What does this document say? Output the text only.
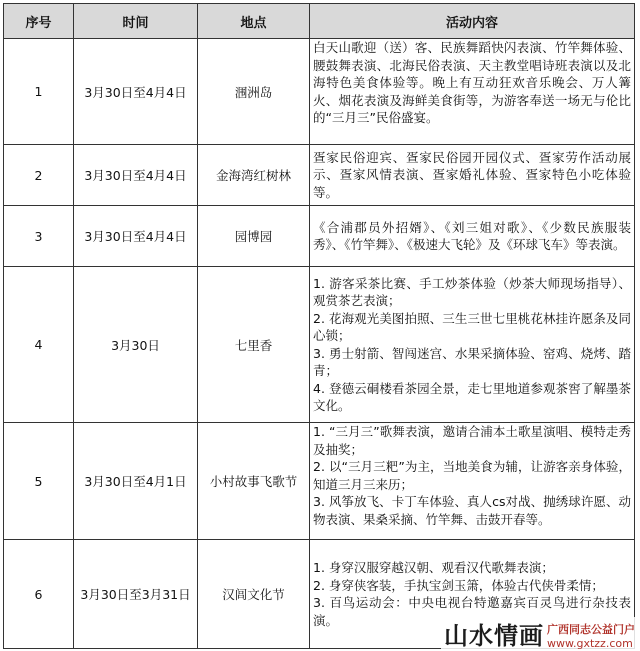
序号	时间	地点	活动内容
1	3月30日至4月4日	涠洲岛	白天山歌迎（送）客、民族舞蹈快闪表演、竹竿舞体验、腰鼓舞表演、北海民俗表演、天主教堂唱诗班表演以及北海特色美食体验等。晚上有互动狂欢音乐晚会、万人篝火、烟花表演及海鲜美食街等，为游客奉送一场无与伦比的“三月三”民俗盛宴。

2	3月30日至4月4日	金海湾红树林	疍家民俗迎宾、疍家民俗园开园仪式、疍家劳作活动展示、疍家风情表演、疍家婚礼体验、疍家特色小吃体验等。
3	3月30日至4月4日	园博园	《合浦郡员外招婿》、《刘三姐对歌》、《少数民族服装秀》、《竹竿舞》、《极速大飞轮》及《环球飞车》等表演。
4	3月30日	七里香	1. 游客采茶比赛、手工炒茶体验（炒茶大师现场指导）、观赏茶艺表演；
2. 花海观光美图拍照、三生三世七里桃花林挂许愿条及同心锁；
3. 勇士射箭、智闯迷宫、水果采摘体验、窑鸡、烧烤、踏青；
4. 登德云硐楼看茶园全景，走七里地道参观茶窖了解墨茶文化。

5	3月30日至4月1日	小村故事飞歌节	1. “三月三”歌舞表演，邀请合浦本土歌星演唱、模特走秀及抽奖；
2. 以“三月三粑”为主，当地美食为辅，让游客亲身体验，知道三月三来历；
3. 风筝放飞、卡丁车体验、真人cs对战、抛绣球许愿、动物表演、果桑采摘、竹竿舞、击鼓开春等。

6	3月30日至3月31日	汉闾文化节	1. 身穿汉服穿越汉朝、观看汉代歌舞表演；
2. 身穿侠客装，手执宝剑玉箫，体验古代侠骨柔情；
3. 百鸟运动会：中央电视台特邀嘉宾百灵鸟进行杂技表演。
山水情画 广西同志公益门户
www.gxtzz.com
